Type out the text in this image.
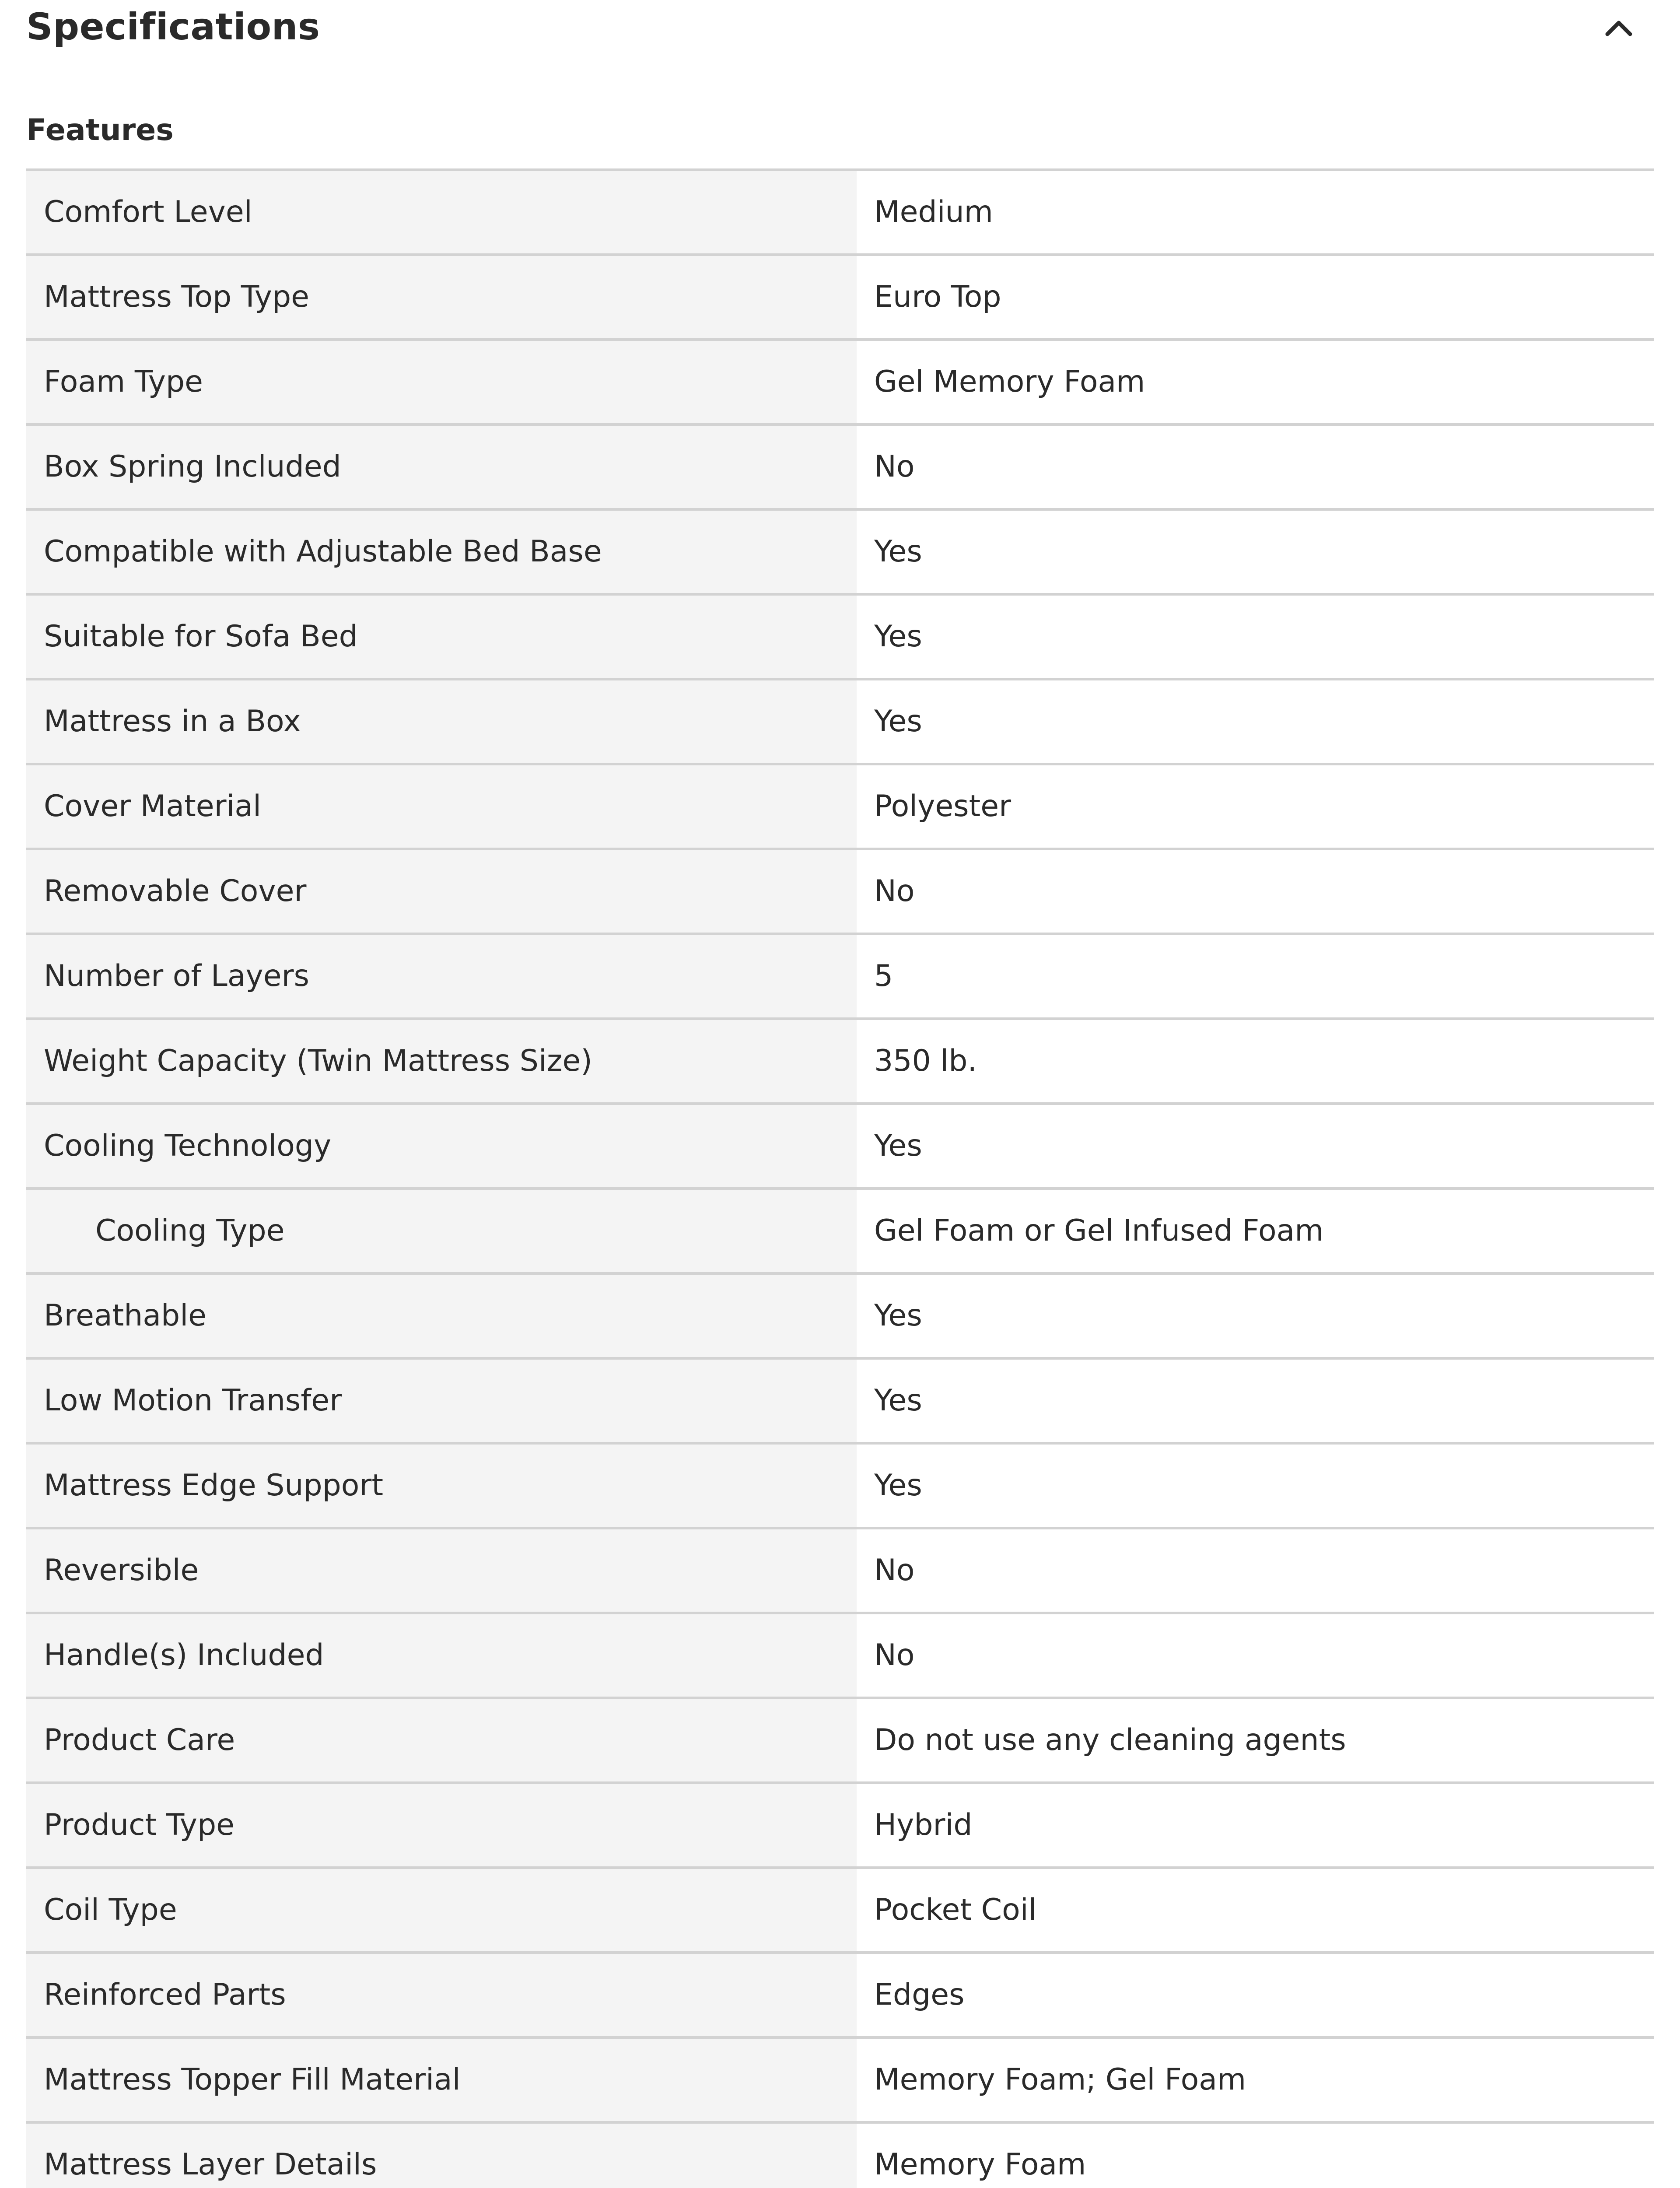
Specifications
Features
Comfort Level	Medium
Mattress Top Type	Euro Top
Foam Type	Gel Memory Foam
Box Spring Included	No
Compatible with Adjustable Bed Base	Yes
Suitable for Sofa Bed	Yes
Mattress in a Box	Yes
Cover Material	Polyester
Removable Cover	No
Number of Layers	5
Weight Capacity (Twin Mattress Size)	350 lb.
Cooling Technology	Yes
Cooling Type	Gel Foam or Gel Infused Foam
Breathable	Yes
Low Motion Transfer	Yes
Mattress Edge Support	Yes
Reversible	No
Handle(s) Included	No
Product Care	Do not use any cleaning agents
Product Type	Hybrid
Coil Type	Pocket Coil
Reinforced Parts	Edges
Mattress Topper Fill Material	Memory Foam; Gel Foam
Mattress Layer Details	Memory Foam
